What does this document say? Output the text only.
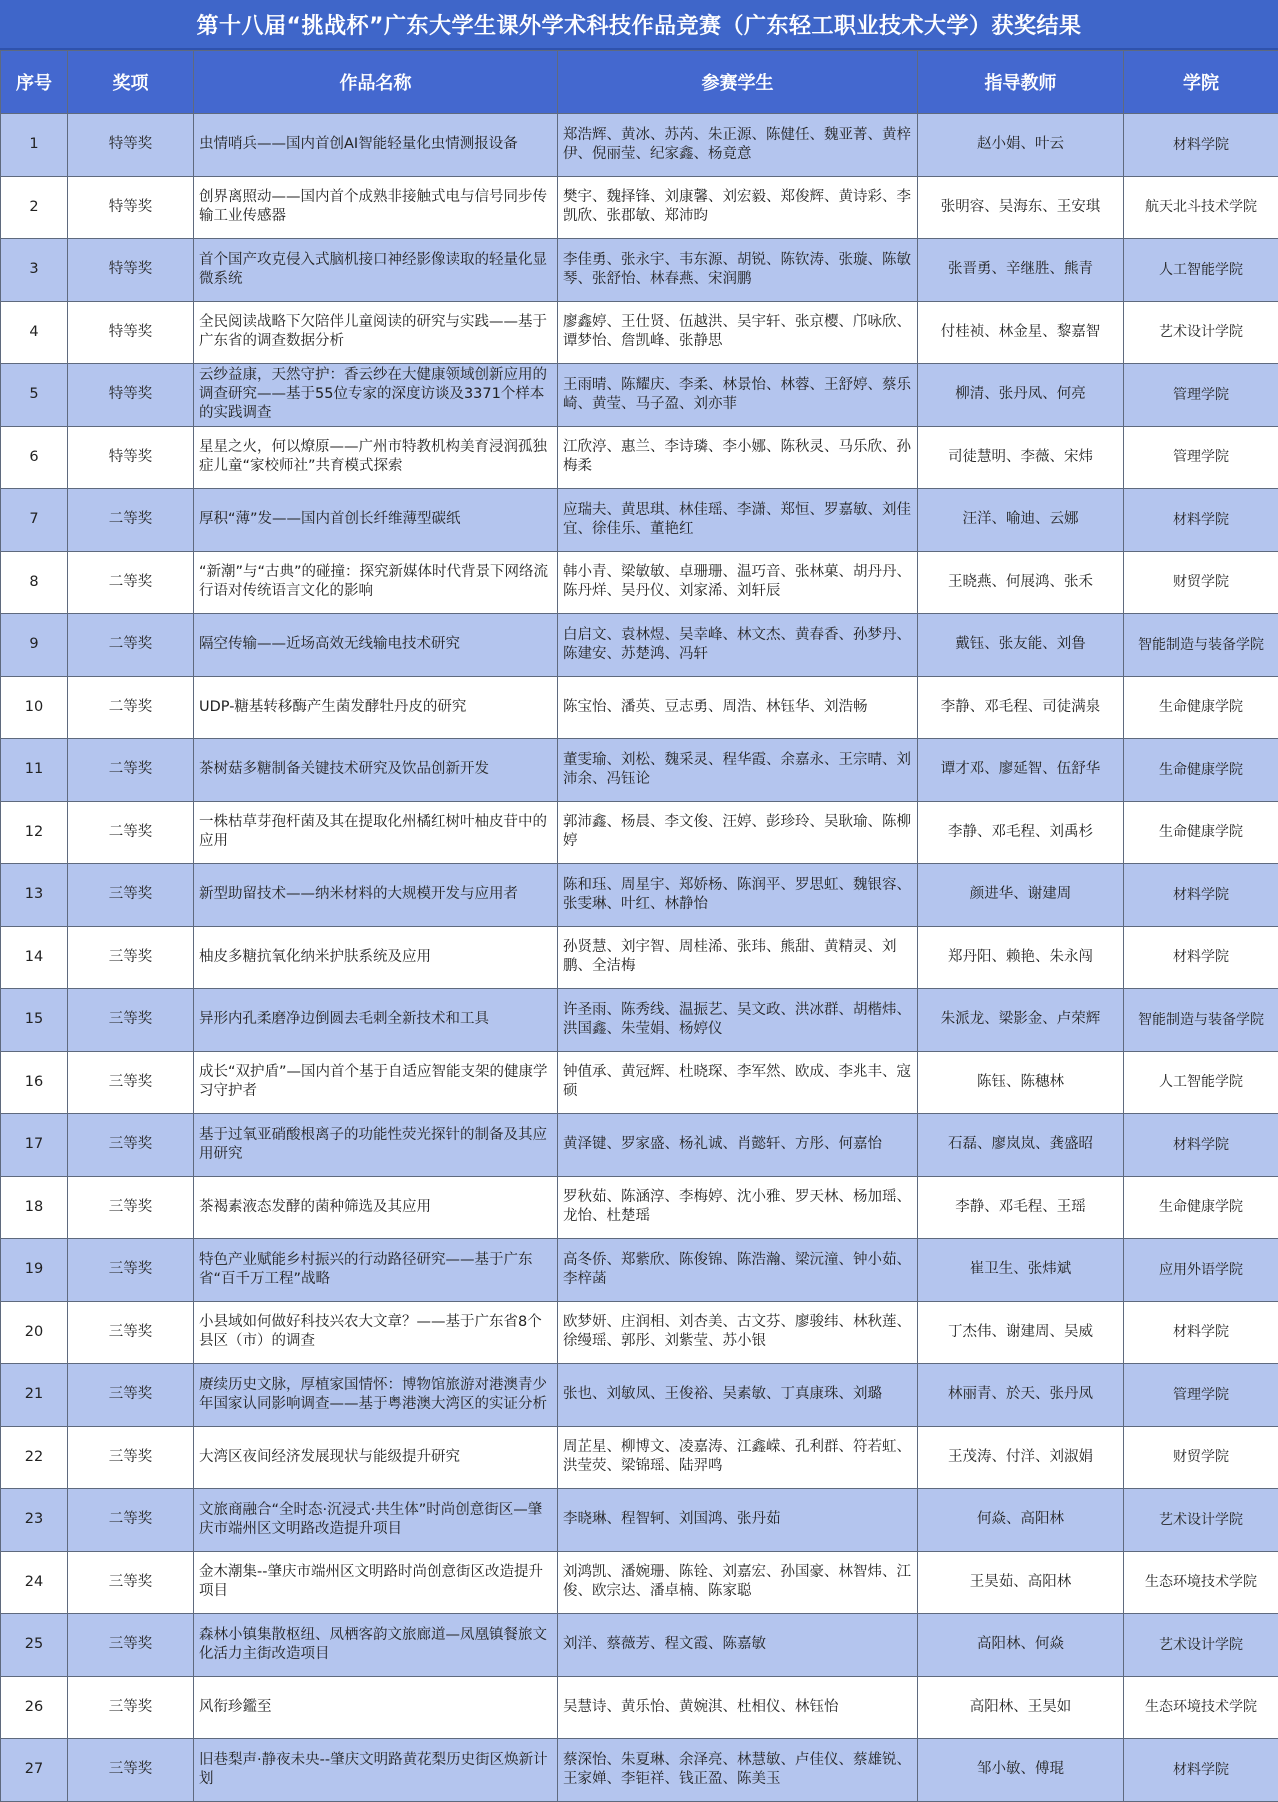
第十八届“挑战杯”广东大学生课外学术科技作品竞赛（广东轻工职业技术大学）获奖结果
序号	奖项	作品名称	参赛学生	指导教师	学院
1	特等奖	虫情哨兵——国内首创AI智能轻量化虫情测报设备	郑浩辉、黄冰、苏芮、朱正源、陈健任、魏亚菁、黄梓伊、倪丽莹、纪家鑫、杨竟意	赵小娟、叶云	材料学院
2	特等奖	创界离照动——国内首个成熟非接触式电与信号同步传输工业传感器	樊宇、魏择锋、刘康馨、刘宏毅、郑俊辉、黄诗彩、李凯欣、张郡敏、郑沛昀	张明容、吴海东、王安琪	航天北斗技术学院
3	特等奖	首个国产攻克侵入式脑机接口神经影像读取的轻量化显微系统	李佳勇、张永宇、韦东源、胡锐、陈钦涛、张璇、陈敏琴、张舒怡、林春燕、宋润鹏	张晋勇、辛继胜、熊青	人工智能学院
4	特等奖	全民阅读战略下欠陪伴儿童阅读的研究与实践——基于广东省的调查数据分析	廖鑫婷、王仕贤、伍越洪、吴宇轩、张京樱、邝咏欣、谭梦怡、詹凯峰、张静思	付桂祯、林金星、黎嘉智	艺术设计学院
5	特等奖	云纱益康，天然守护：香云纱在大健康领域创新应用的调查研究——基于55位专家的深度访谈及3371个样本的实践调查	王雨晴、陈耀庆、李柔、林景怡、林蓉、王舒婷、蔡乐崎、黄莹、马子盈、刘亦菲	柳清、张丹凤、何亮	管理学院
6	特等奖	星星之火，何以燎原——广州市特教机构美育浸润孤独症儿童“家校师社”共育模式探索	江欣渟、惠兰、李诗璘、李小娜、陈秋灵、马乐欣、孙梅柔	司徒慧明、李薇、宋炜	管理学院
7	二等奖	厚积“薄”发——国内首创长纤维薄型碳纸	应瑞夫、黄思琪、林佳瑶、李潇、郑恒、罗嘉敏、刘佳宜、徐佳乐、董艳红	汪洋、喻迪、云娜	材料学院
8	二等奖	“新潮”与“古典”的碰撞：探究新媒体时代背景下网络流行语对传统语言文化的影响	韩小青、梁敏敏、卓珊珊、温巧音、张林菓、胡丹丹、陈丹烊、吴丹仪、刘家浠、刘轩辰	王晓燕、何展鸿、张禾	财贸学院
9	二等奖	隔空传输——近场高效无线输电技术研究	白启文、袁林煜、吴幸峰、林文杰、黄春香、孙梦丹、陈建安、苏楚鸿、冯轩	戴钰、张友能、刘鲁	智能制造与装备学院
10	二等奖	UDP-糖基转移酶产生菌发酵牡丹皮的研究	陈宝怡、潘英、豆志勇、周浩、林钰华、刘浩畅	李静、邓毛程、司徒满泉	生命健康学院
11	二等奖	茶树菇多糖制备关键技术研究及饮品创新开发	董雯瑜、刘松、魏采灵、程华霞、余嘉永、王宗晴、刘沛余、冯钰论	谭才邓、廖延智、伍舒华	生命健康学院
12	二等奖	一株枯草芽孢杆菌及其在提取化州橘红树叶柚皮苷中的应用	郭沛鑫、杨晨、李文俊、汪婷、彭珍玲、吴耿瑜、陈柳婷	李静、邓毛程、刘禹杉	生命健康学院
13	三等奖	新型助留技术——纳米材料的大规模开发与应用者	陈和珏、周星宇、郑娇杨、陈润平、罗思虹、魏银容、张雯琳、叶红、林静怡	颜进华、谢建周	材料学院
14	三等奖	柚皮多糖抗氧化纳米护肤系统及应用	孙贤慧、刘宇智、周桂浠、张玮、熊甜、黄精灵、刘鹏、全洁梅	郑丹阳、赖艳、朱永闯	材料学院
15	三等奖	异形内孔柔磨净边倒圆去毛刺全新技术和工具	许圣雨、陈秀线、温振艺、吴文政、洪冰群、胡楷炜、洪国鑫、朱莹娟、杨婷仪	朱派龙、梁影金、卢荣辉	智能制造与装备学院
16	三等奖	成长“双护盾”—国内首个基于自适应智能支架的健康学习守护者	钟值承、黄冠辉、杜晓琛、李军然、欧成、李兆丰、寇硕	陈钰、陈穗林	人工智能学院
17	三等奖	基于过氧亚硝酸根离子的功能性荧光探针的制备及其应用研究	黄泽键、罗家盛、杨礼诚、肖懿轩、方彤、何嘉怡	石磊、廖岚岚、龚盛昭	材料学院
18	三等奖	茶褐素液态发酵的菌种筛选及其应用	罗秋茹、陈涵淳、李梅婷、沈小雅、罗天林、杨加瑶、龙怡、杜楚瑶	李静、邓毛程、王瑶	生命健康学院
19	三等奖	特色产业赋能乡村振兴的行动路径研究——基于广东省“百千万工程”战略	高冬侨、郑紫欣、陈俊锦、陈浩瀚、梁沅潼、钟小茹、李梓菡	崔卫生、张炜斌	应用外语学院
20	三等奖	小县域如何做好科技兴农大文章？——基于广东省8个县区（市）的调查	欧梦妍、庄润相、刘杏美、古文芬、廖骏纬、林秋莲、徐缦瑶、郭彤、刘紫莹、苏小银	丁杰伟、谢建周、吴威	材料学院
21	三等奖	赓续历史文脉，厚植家国情怀：博物馆旅游对港澳青少年国家认同影响调查——基于粤港澳大湾区的实证分析	张也、刘敏凤、王俊裕、吴素敏、丁真康珠、刘璐	林丽青、於天、张丹凤	管理学院
22	三等奖	大湾区夜间经济发展现状与能级提升研究	周芷星、柳博文、凌嘉涛、江鑫嵘、孔利群、符若虹、洪莹荧、梁锦瑶、陆羿鸣	王茂涛、付洋、刘淑娟	财贸学院
23	二等奖	文旅商融合“全时态·沉浸式·共生体”时尚创意街区—肇庆市端州区文明路改造提升项目	李晓琳、程智轲、刘国鸿、张丹茹	何焱、高阳林	艺术设计学院
24	三等奖	金木潮集--肇庆市端州区文明路时尚创意街区改造提升项目	刘鸿凯、潘婉珊、陈铨、刘嘉宏、孙国豪、林智炜、江俊、欧宗达、潘卓楠、陈家聪	王昊茹、高阳林	生态环境技术学院
25	三等奖	森林小镇集散枢纽、凤栖客韵文旅廊道—凤凰镇餐旅文化活力主街改造项目	刘洋、蔡薇芳、程文霞、陈嘉敏	高阳林、何焱	艺术设计学院
26	三等奖	风衔珍鑑至	吴慧诗、黄乐怡、黄婉淇、杜相仪、林钰怡	高阳林、王昊如	生态环境技术学院
27	三等奖	旧巷梨声·静夜未央--肇庆文明路黄花梨历史街区焕新计划	蔡深怡、朱夏琳、余泽亮、林慧敏、卢佳仪、蔡雄锐、王家婵、李钜祥、钱正盈、陈美玉	邹小敏、傅琨	材料学院
